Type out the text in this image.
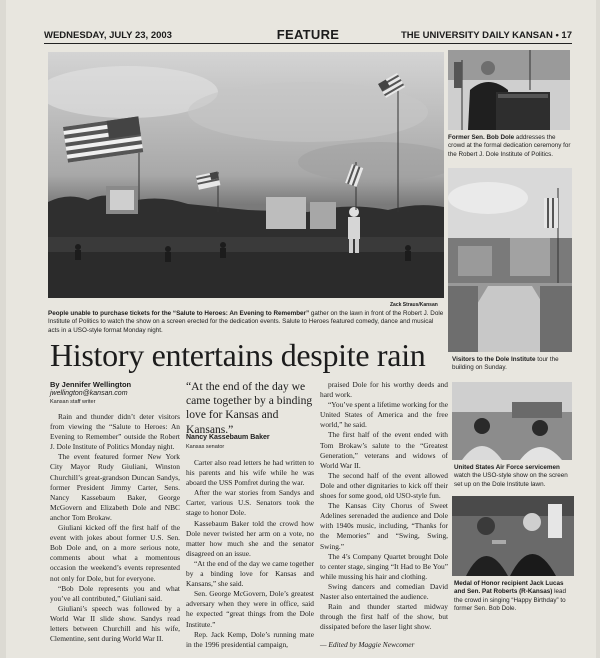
WEDNESDAY, JULY 23, 2003	FEATURE	THE UNIVERSITY DAILY KANSAN • 17
Zack Straus/Kansan
People unable to purchase tickets for the “Salute to Heroes: An Evening to Remember” gather on the lawn in front of the Robert J. Dole Institute of Politics to watch the show on a screen erected for the dedication events. Salute to Heroes featured comedy, dance and musical acts in a USO-style format Monday night.
Former Sen. Bob Dole addresses the crowd at the formal dedication ceremony for the Robert J. Dole Institute of Politics.
Visitors to the Dole Institute tour the building on Sunday.
United States Air Force servicemen watch the USO-style show on the screen set up on the Dole Institute lawn.
Medal of Honor recipient Jack Lucas and Sen. Pat Roberts (R-Kansas) lead the crowd in singing “Happy Birthday” to former Sen. Bob Dole.
History entertains despite rain
By Jennifer Wellington
jwellington@kansan.com
Kansan staff writer

Rain and thunder didn’t deter visitors from viewing the “Salute to Heroes: An Evening to Remember” outside the Robert J. Dole Institute of Politics Monday night.

The event featured former New York City Mayor Rudy Giuliani, Winston Churchill’s great-grandson Duncan Sandys, former President Jimmy Carter, Sens. Nancy Kassebaum Baker, George McGovern and Elizabeth Dole and NBC anchor Tom Brokaw.

Giuliani kicked off the first half of the event with jokes about former U.S. Sen. Bob Dole and, on a more serious note, comments about what a momentous occasion the weekend’s events represented not only for Dole, but for everyone.

“Bob Dole represents you and what you’ve all contributed,” Giuliani said.

Giuliani’s speech was followed by a World War II slide show. Sandys read letters between Churchill and his wife, Clementine, sent during World War II.

“At the end of the day we came together by a binding love for Kansas and Kansans.”
Nancy Kassebaum Baker
Kansas senator

Carter also read letters he had written to his parents and his wife while he was aboard the USS Pomfret during the war.

After the war stories from Sandys and Carter, various U.S. Senators took the stage to honor Dole.

Kassebaum Baker told the crowd how Dole never twisted her arm on a vote, no matter how much she and the senator disagreed on an issue.

“At the end of the day we came together by a binding love for Kansas and Kansans,” she said.

Sen. George McGovern, Dole’s greatest adversary when they were in office, said he expected “great things from the Dole Institute.”

Rep. Jack Kemp, Dole’s running mate in the 1996 presidential campaign,

praised Dole for his worthy deeds and hard work.

“You’ve spent a lifetime working for the United States of America and the free world,” he said.

The first half of the event ended with Tom Brokaw’s salute to the “Greatest Generation,” veterans and widows of World War II.

The second half of the event allowed Dole and other dignitaries to kick off their shoes for some good, old USO-style fun.

The Kansas City Chorus of Sweet Adelines serenaded the audience and Dole with 1940s music, including, “Thanks for the Memories” and “Swing, Swing, Swing.”

The 4’s Company Quartet brought Dole to center stage, singing “It Had to Be You” while mussing his hair and clothing.

Swing dancers and comedian David Naster also entertained the audience.

Rain and thunder started midway through the first half of the show, but dissipated before the laser light show.

— Edited by Maggie Newcomer
